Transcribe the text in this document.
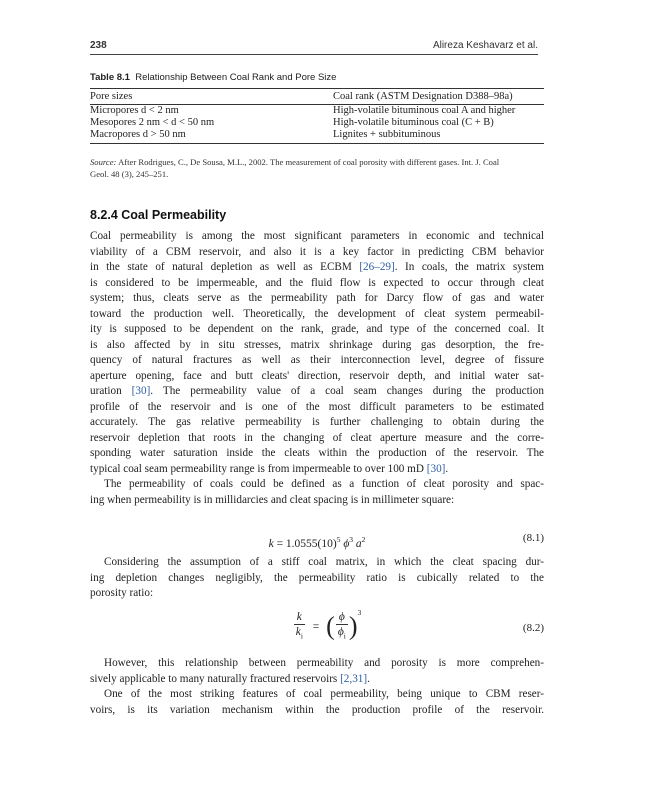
238	Alireza Keshavarz et al.
Table 8.1 Relationship Between Coal Rank and Pore Size
Pore sizes	Coal rank (ASTM Designation D388–98a)
Micropores d < 2 nm	High-volatile bituminous coal A and higher
Mesopores 2 nm < d < 50 nm	High-volatile bituminous coal (C + B)
Macropores d > 50 nm	Lignites + subbituminous
Source: After Rodrigues, C., De Sousa, M.L., 2002. The measurement of coal porosity with different gases. Int. J. Coal
Geol. 48 (3), 245–251.
8.2.4 Coal Permeability
Coal permeability is among the most significant parameters in economic and technical
viability of a CBM reservoir, and also it is a key factor in predicting CBM behavior
in the state of natural depletion as well as ECBM [26–29]. In coals, the matrix system
is considered to be impermeable, and the fluid flow is expected to occur through cleat
system; thus, cleats serve as the permeability path for Darcy flow of gas and water
toward the production well. Theoretically, the development of cleat system permeabil-
ity is supposed to be dependent on the rank, grade, and type of the concerned coal. It
is also affected by in situ stresses, matrix shrinkage during gas desorption, the fre-
quency of natural fractures as well as their interconnection level, degree of fissure
aperture opening, face and butt cleats' direction, reservoir depth, and initial water sat-
uration [30]. The permeability value of a coal seam changes during the production
profile of the reservoir and is one of the most difficult parameters to be estimated
accurately. The gas relative permeability is further challenging to obtain during the
reservoir depletion that roots in the changing of cleat aperture measure and the corre-
sponding water saturation inside the cleats within the production of the reservoir. The
typical coal seam permeability range is from impermeable to over 100 mD [30].
The permeability of coals could be defined as a function of cleat porosity and spac-
ing when permeability is in millidarcies and cleat spacing is in millimeter square:
$k = 1.0555(10)^5$ $\phi^3$ $a^2$	(8.1)
Considering the assumption of a stiff coal matrix, in which the cleat spacing dur-
ing depletion changes negligibly, the permeability ratio is cubically related to the
porosity ratio:
$\frac{k}{k_i}$ = ( $\frac{\phi}{\phi_i} )^3$
(8.2)
However, this relationship between permeability and porosity is more comprehen-
sively applicable to many naturally fractured reservoirs [2,31].
One of the most striking features of coal permeability, being unique to CBM reser-
voirs, is its variation mechanism within the production profile of the reservoir.
